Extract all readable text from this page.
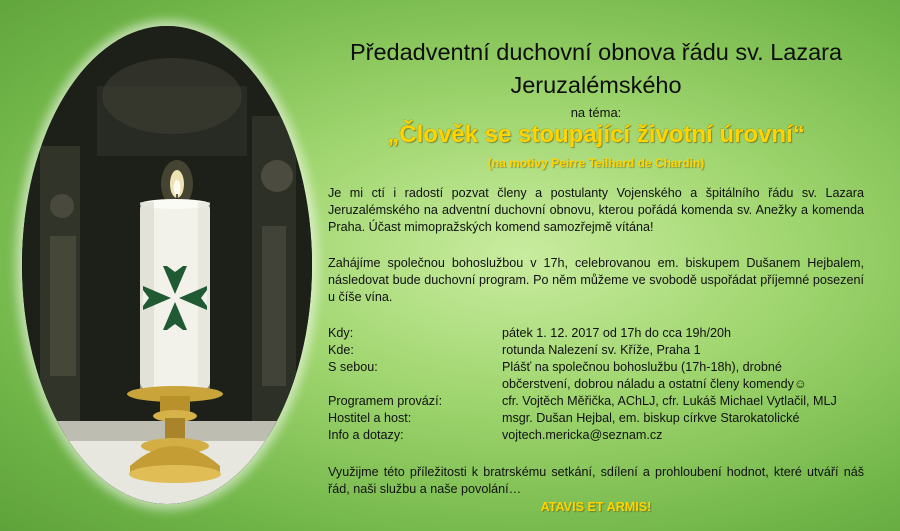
Předadventní duchovní obnova řádu sv. Lazara
Jeruzalémského
na téma:
„Člověk se stoupající životní úrovní“
(na motivy Peirre Teilhard de Chardin)
Je mi ctí i radostí pozvat členy a postulanty Vojenského a špitálního řádu sv. Lazara Jeruzalémského na adventní duchovní obnovu, kterou pořádá komenda sv. Anežky a komenda Praha. Účast mimopražských komend samozřejmě vítána!
Zahájíme společnou bohoslužbou v 17h, celebrovanou em. biskupem Dušanem Hejbalem, následovat bude duchovní program. Po něm můžeme ve svobodě uspořádat příjemné posezení u číše vína.
Kdy:	pátek 1. 12. 2017 od 17h do cca 19h/20h
Kde:	rotunda Nalezení sv. Kříže, Praha 1
S sebou:	Plášť na společnou bohoslužbu (17h-18h), drobné
občerstvení, dobrou náladu a ostatní členy komendy☺
Programem provází:	cfr. Vojtěch Měřička, AChLJ, cfr. Lukáš Michael Vytlačil, MLJ
Hostitel a host:	msgr. Dušan Hejbal, em. biskup církve Starokatolické
Info a dotazy:	vojtech.mericka@seznam.cz
Využijme této příležitosti k bratrskému setkání, sdílení a prohloubení hodnot, které utváří náš řád, naši službu a naše povolání…
ATAVIS ET ARMIS!
